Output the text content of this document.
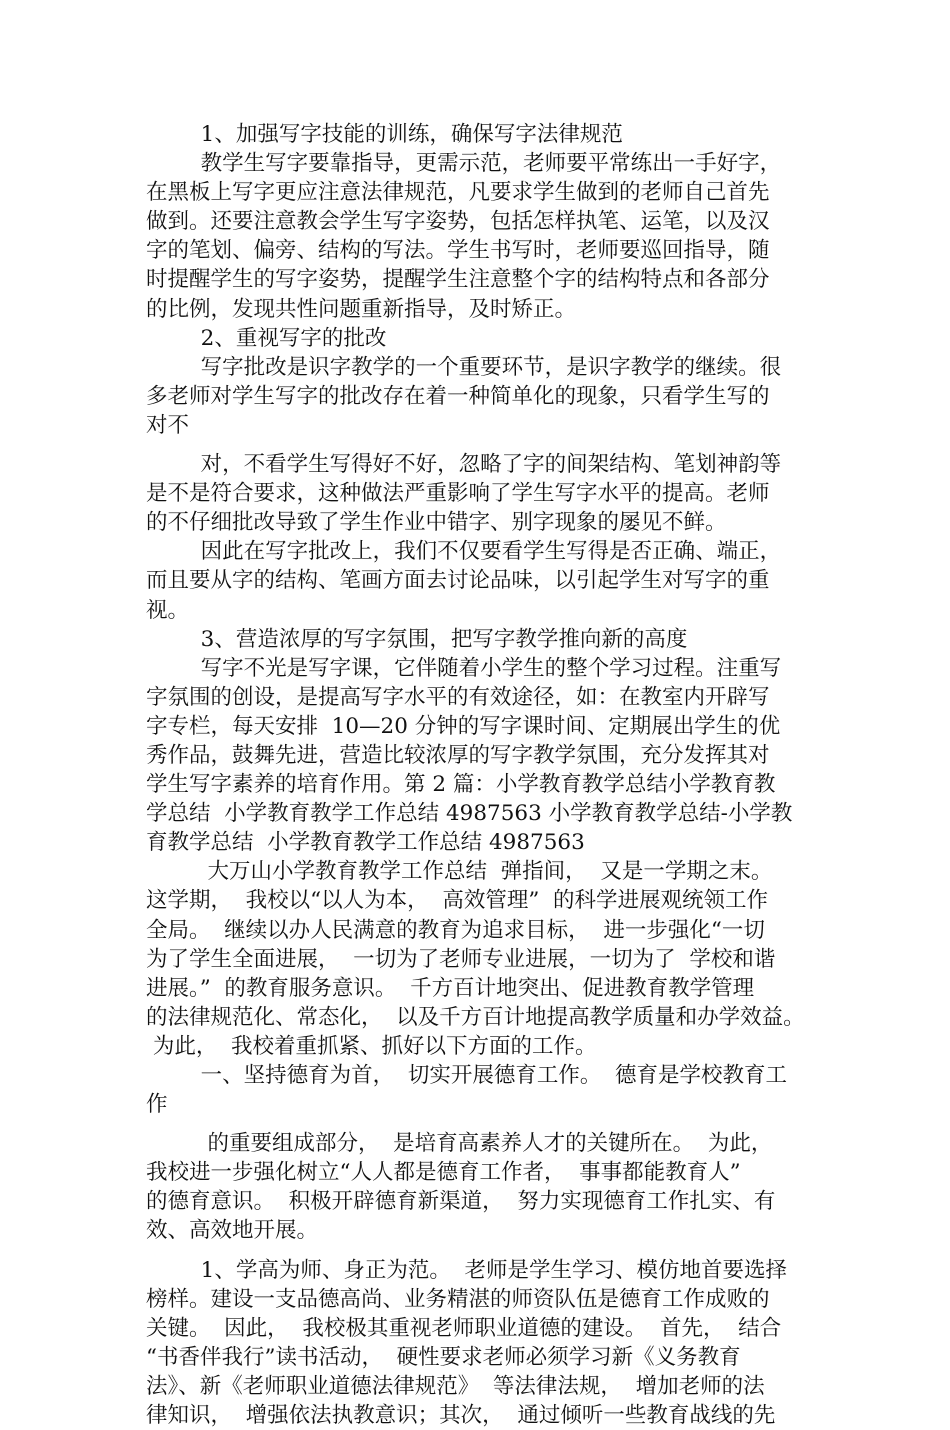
1、加强写字技能的训练，确保写字法律规范
教学生写字要靠指导，更需示范，老师要平常练出一手好字，
在黑板上写字更应注意法律规范，凡要求学生做到的老师自己首先
做到。还要注意教会学生写字姿势，包括怎样执笔、运笔，以及汉
字的笔划、偏旁、结构的写法。学生书写时，老师要巡回指导，随
时提醒学生的写字姿势，提醒学生注意整个字的结构特点和各部分
的比例，发现共性问题重新指导，及时矫正。
2、重视写字的批改
写字批改是识字教学的一个重要环节，是识字教学的继续。很
多老师对学生写字的批改存在着一种简单化的现象，只看学生写的
对不
对，不看学生写得好不好，忽略了字的间架结构、笔划神韵等
是不是符合要求，这种做法严重影响了学生写字水平的提高。老师
的不仔细批改导致了学生作业中错字、别字现象的屡见不鲜。
因此在写字批改上，我们不仅要看学生写得是否正确、端正，
而且要从字的结构、笔画方面去讨论品味，以引起学生对写字的重
视。
3、营造浓厚的写字氛围，把写字教学推向新的高度
写字不光是写字课，它伴随着小学生的整个学习过程。注重写
字氛围的创设，是提高写字水平的有效途径，如：在教室内开辟写
字专栏，每天安排  10—20 分钟的写字课时间、定期展出学生的优
秀作品，鼓舞先进，营造比较浓厚的写字教学氛围，充分发挥其对
学生写字素养的培育作用。第 2 篇：小学教育教学总结小学教育教
学总结  小学教育教学工作总结 4987563 小学教育教学总结-小学教
育教学总结  小学教育教学工作总结 4987563
大万山小学教育教学工作总结  弹指间，  又是一学期之末。
这学期，  我校以“以人为本，  高效管理”  的科学进展观统领工作
全局。  继续以办人民满意的教育为追求目标，  进一步强化“一切
为了学生全面进展，  一切为了老师专业进展，一切为了  学校和谐
进展。”  的教育服务意识。  千方百计地突出、促进教育教学管理
的法律规范化、常态化，  以及千方百计地提高教学质量和办学效益。
为此，  我校着重抓紧、抓好以下方面的工作。
一、坚持德育为首，  切实开展德育工作。  德育是学校教育工
作
的重要组成部分，  是培育高素养人才的关键所在。  为此，
我校进一步强化树立“人人都是德育工作者，  事事都能教育人”
的德育意识。  积极开辟德育新渠道，  努力实现德育工作扎实、有
效、高效地开展。
1、学高为师、身正为范。  老师是学生学习、模仿地首要选择
榜样。建设一支品德高尚、业务精湛的师资队伍是德育工作成败的
关键。  因此，  我校极其重视老师职业道德的建设。  首先，  结合
“书香伴我行”读书活动，  硬性要求老师必须学习新《义务教育
法》、新《老师职业道德法律规范》  等法律法规，  增加老师的法
律知识，  增强依法执教意识；其次，  通过倾听一些教育战线的先
